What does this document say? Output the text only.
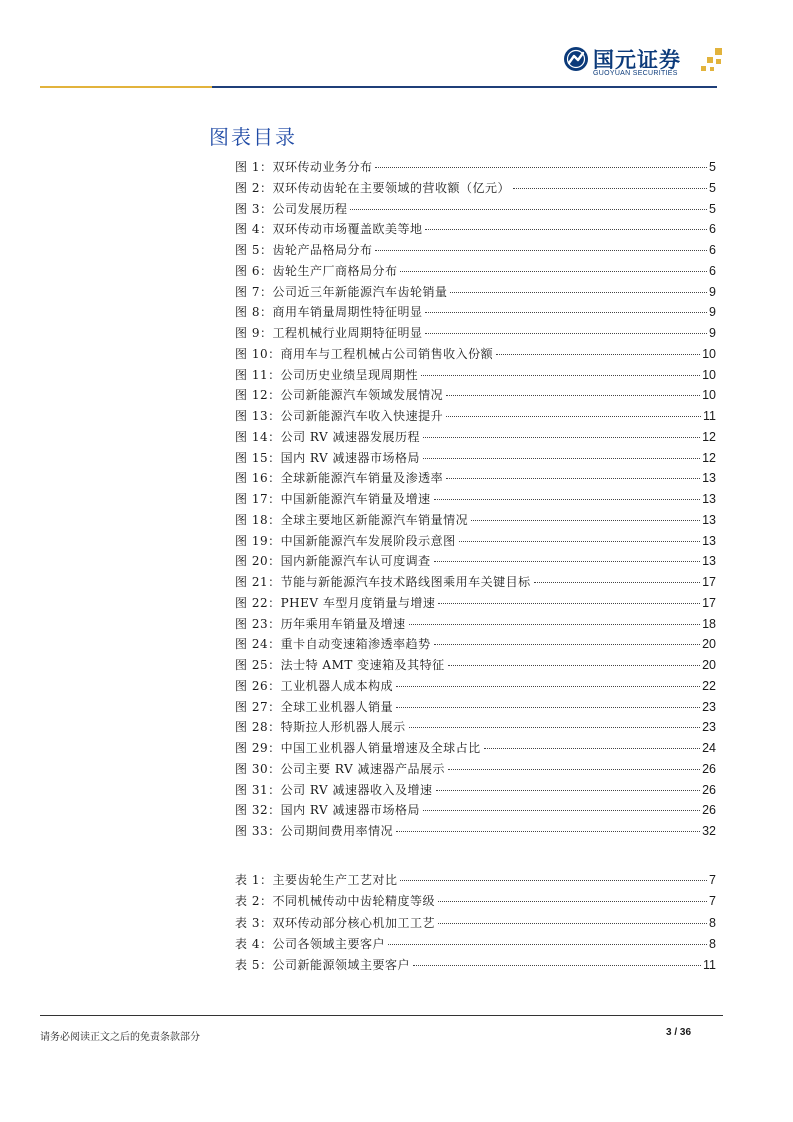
国元证券
GUOYUAN SECURITIES
图表目录
图 1：双环传动业务分布	5
图 2：双环传动齿轮在主要领域的营收额（亿元）	5
图 3：公司发展历程	5
图 4：双环传动市场覆盖欧美等地	6
图 5：齿轮产品格局分布	6
图 6：齿轮生产厂商格局分布	6
图 7：公司近三年新能源汽车齿轮销量	9
图 8：商用车销量周期性特征明显	9
图 9：工程机械行业周期特征明显	9
图 10：商用车与工程机械占公司销售收入份额	10
图 11：公司历史业绩呈现周期性	10
图 12：公司新能源汽车领域发展情况	10
图 13：公司新能源汽车收入快速提升	11
图 14：公司 RV 减速器发展历程	12
图 15：国内 RV 减速器市场格局	12
图 16：全球新能源汽车销量及渗透率	13
图 17：中国新能源汽车销量及增速	13
图 18：全球主要地区新能源汽车销量情况	13
图 19：中国新能源汽车发展阶段示意图	13
图 20：国内新能源汽车认可度调查	13
图 21：节能与新能源汽车技术路线图乘用车关键目标	17
图 22：PHEV 车型月度销量与增速	17
图 23：历年乘用车销量及增速	18
图 24：重卡自动变速箱渗透率趋势	20
图 25：法士特 AMT 变速箱及其特征	20
图 26：工业机器人成本构成	22
图 27：全球工业机器人销量	23
图 28：特斯拉人形机器人展示	23
图 29：中国工业机器人销量增速及全球占比	24
图 30：公司主要 RV 减速器产品展示	26
图 31：公司 RV 减速器收入及增速	26
图 32：国内 RV 减速器市场格局	26
图 33：公司期间费用率情况	32
表 1：主要齿轮生产工艺对比	7
表 2：不同机械传动中齿轮精度等级	7
表 3：双环传动部分核心机加工工艺	8
表 4：公司各领域主要客户	8
表 5：公司新能源领域主要客户	11
请务必阅读正文之后的免责条款部分	3 / 36
